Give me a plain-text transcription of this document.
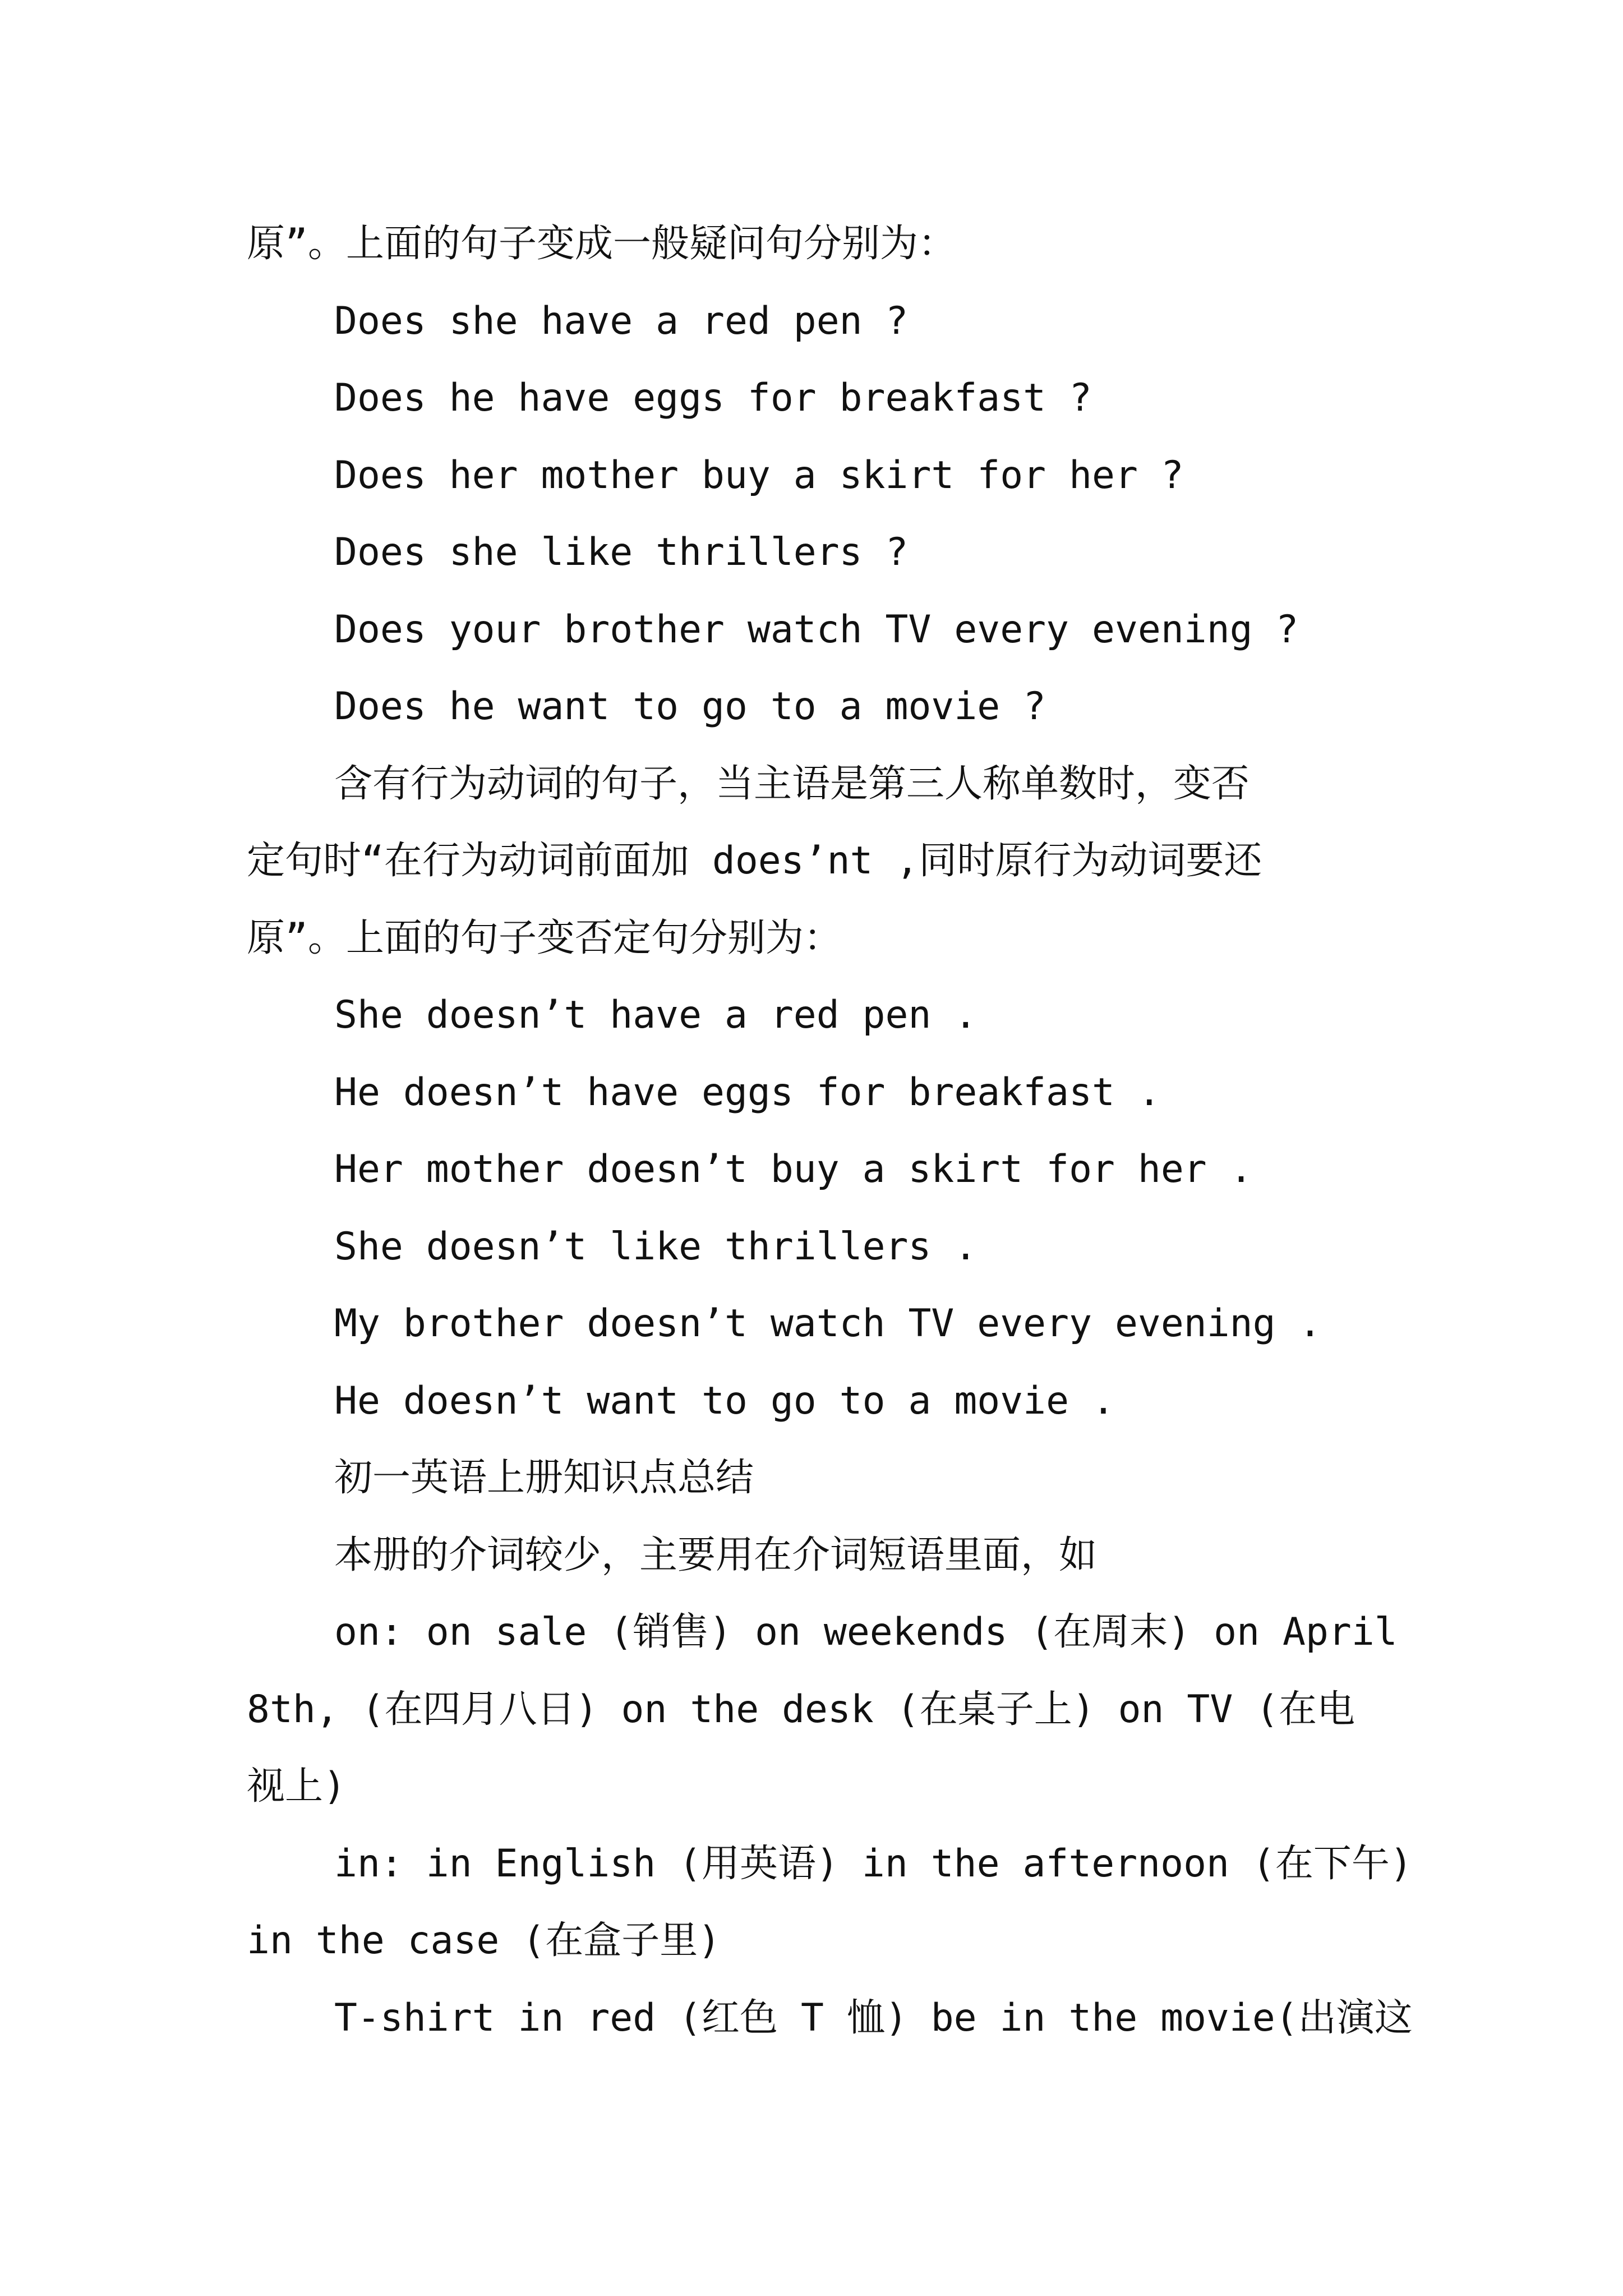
原”。上面的句子变成一般疑问句分别为：

Does she have a red pen ?

Does he have eggs for breakfast ?

Does her mother buy a skirt for her ?

Does she like thrillers ?

Does your brother watch TV every evening ?

Does he want to go to a movie ?

含有行为动词的句子，当主语是第三人称单数时，变否

定句时“在行为动词前面加 does’nt ,同时原行为动词要还

原”。上面的句子变否定句分别为：

She doesn’t have a red pen .

He doesn’t have eggs for breakfast .

Her mother doesn’t buy a skirt for her .

She doesn’t like thrillers .

My brother doesn’t watch TV every evening .

He doesn’t want to go to a movie .

初一英语上册知识点总结

本册的介词较少，主要用在介词短语里面，如

on: on sale (销售) on weekends (在周末) on April

8th, (在四月八日) on the desk (在桌子上) on TV (在电

视上)

in: in English (用英语) in the afternoon (在下午)

in the case (在盒子里)

T-shirt in red (红色 T 恤) be in the movie(出演这
